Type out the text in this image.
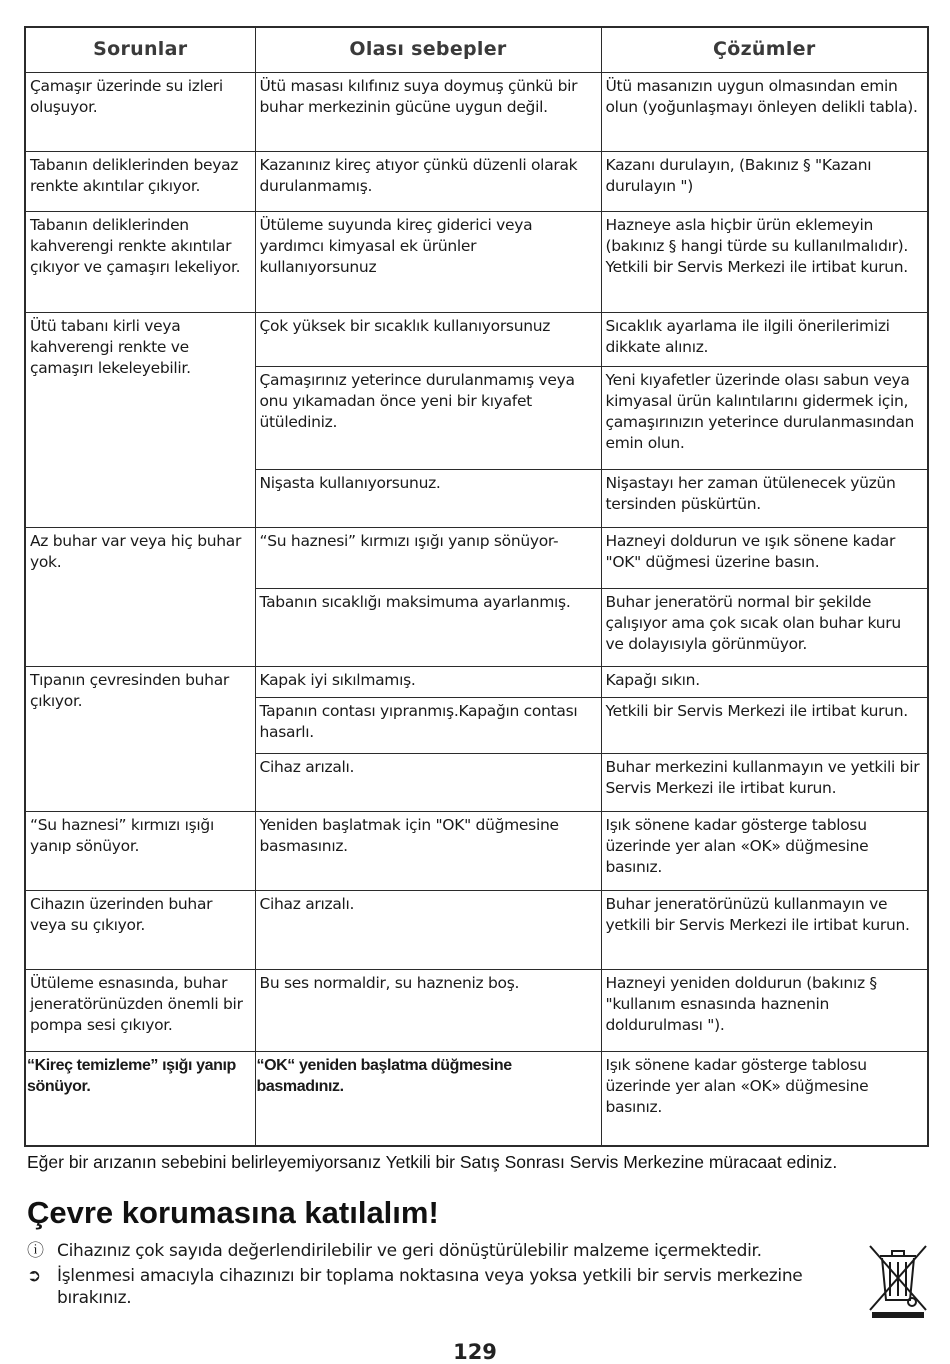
Sorunlar	Olası sebepler	Çözümler
Çamaşır üzerinde su izleri oluşuyor.	Ütü masası kılıfınız suya doymuş çünkü bir buhar merkezinin gücüne uygun değil.	Ütü masanızın uygun olmasından emin olun (yoğunlaşmayı önleyen delikli tabla).
Tabanın deliklerinden beyaz renkte akıntılar çıkıyor.	Kazanınız kireç atıyor çünkü düzenli olarak durulanmamış.	Kazanı durulayın, (Bakınız § "Kazanı durulayın ")
Tabanın deliklerinden kahverengi renkte akıntılar çıkıyor ve çamaşırı lekeliyor.	Ütüleme suyunda kireç giderici veya yardımcı kimyasal ek ürünler kullanıyorsunuz	Hazneye asla hiçbir ürün eklemeyin (bakınız § hangi türde su kullanılmalıdır). Yetkili bir Servis Merkezi ile irtibat kurun.
Ütü tabanı kirli veya kahverengi renkte ve çamaşırı lekeleyebilir.	Çok yüksek bir sıcaklık kullanıyorsunuz	Sıcaklık ayarlama ile ilgili önerilerimizi dikkate alınız.
	Çamaşırınız yeterince durulanmamış veya onu yıkamadan önce yeni bir kıyafet ütülediniz.	Yeni kıyafetler üzerinde olası sabun veya kimyasal ürün kalıntılarını gidermek için, çamaşırınızın yeterince durulanmasından emin olun.
	Nişasta kullanıyorsunuz.	Nişastayı her zaman ütülenecek yüzün tersinden püskürtün.
Az buhar var veya hiç buhar yok.	“Su haznesi” kırmızı ışığı yanıp sönüyor-	Hazneyi doldurun ve ışık sönene kadar "OK" düğmesi üzerine basın.
	Tabanın sıcaklığı maksimuma ayarlanmış.	Buhar jeneratörü normal bir şekilde çalışıyor ama çok sıcak olan buhar kuru ve dolayısıyla görünmüyor.
Tıpanın çevresinden buhar çıkıyor.	Kapak iyi sıkılmamış.	Kapağı sıkın.
	Tapanın contası yıpranmış.Kapağın contası hasarlı.	Yetkili bir Servis Merkezi ile irtibat kurun.
	Cihaz arızalı.	Buhar merkezini kullanmayın ve yetkili bir Servis Merkezi ile irtibat kurun.
“Su haznesi” kırmızı ışığı yanıp sönüyor.	Yeniden başlatmak için "OK" düğmesine basmasınız.	Işık sönene kadar gösterge tablosu üzerinde yer alan «OK» düğmesine basınız.
Cihazın üzerinden buhar veya su çıkıyor.	Cihaz arızalı.	Buhar jeneratörünüzü kullanmayın ve yetkili bir Servis Merkezi ile irtibat kurun.
Ütüleme esnasında, buhar jeneratörünüzden önemli bir pompa sesi çıkıyor.	Bu ses normaldir, su hazneniz boş.	Hazneyi yeniden doldurun (bakınız § "kullanım esnasında haznenin doldurulması ").
“Kireç temizleme” ışığı yanıp sönüyor.	“OK“ yeniden başlatma düğmesine basmadınız.	Işık sönene kadar gösterge tablosu üzerinde yer alan «OK» düğmesine basınız.
Eğer bir arızanın sebebini belirleyemiyorsanız Yetkili bir Satış Sonrası Servis Merkezine müracaat ediniz.
Çevre korumasına katılalım!
ⓘ Cihazınız çok sayıda değerlendirilebilir ve geri dönüştürülebilir malzeme içermektedir.
➲ İşlenmesi amacıyla cihazınızı bir toplama noktasına veya yoksa yetkili bir servis merkezine bırakınız.
129
